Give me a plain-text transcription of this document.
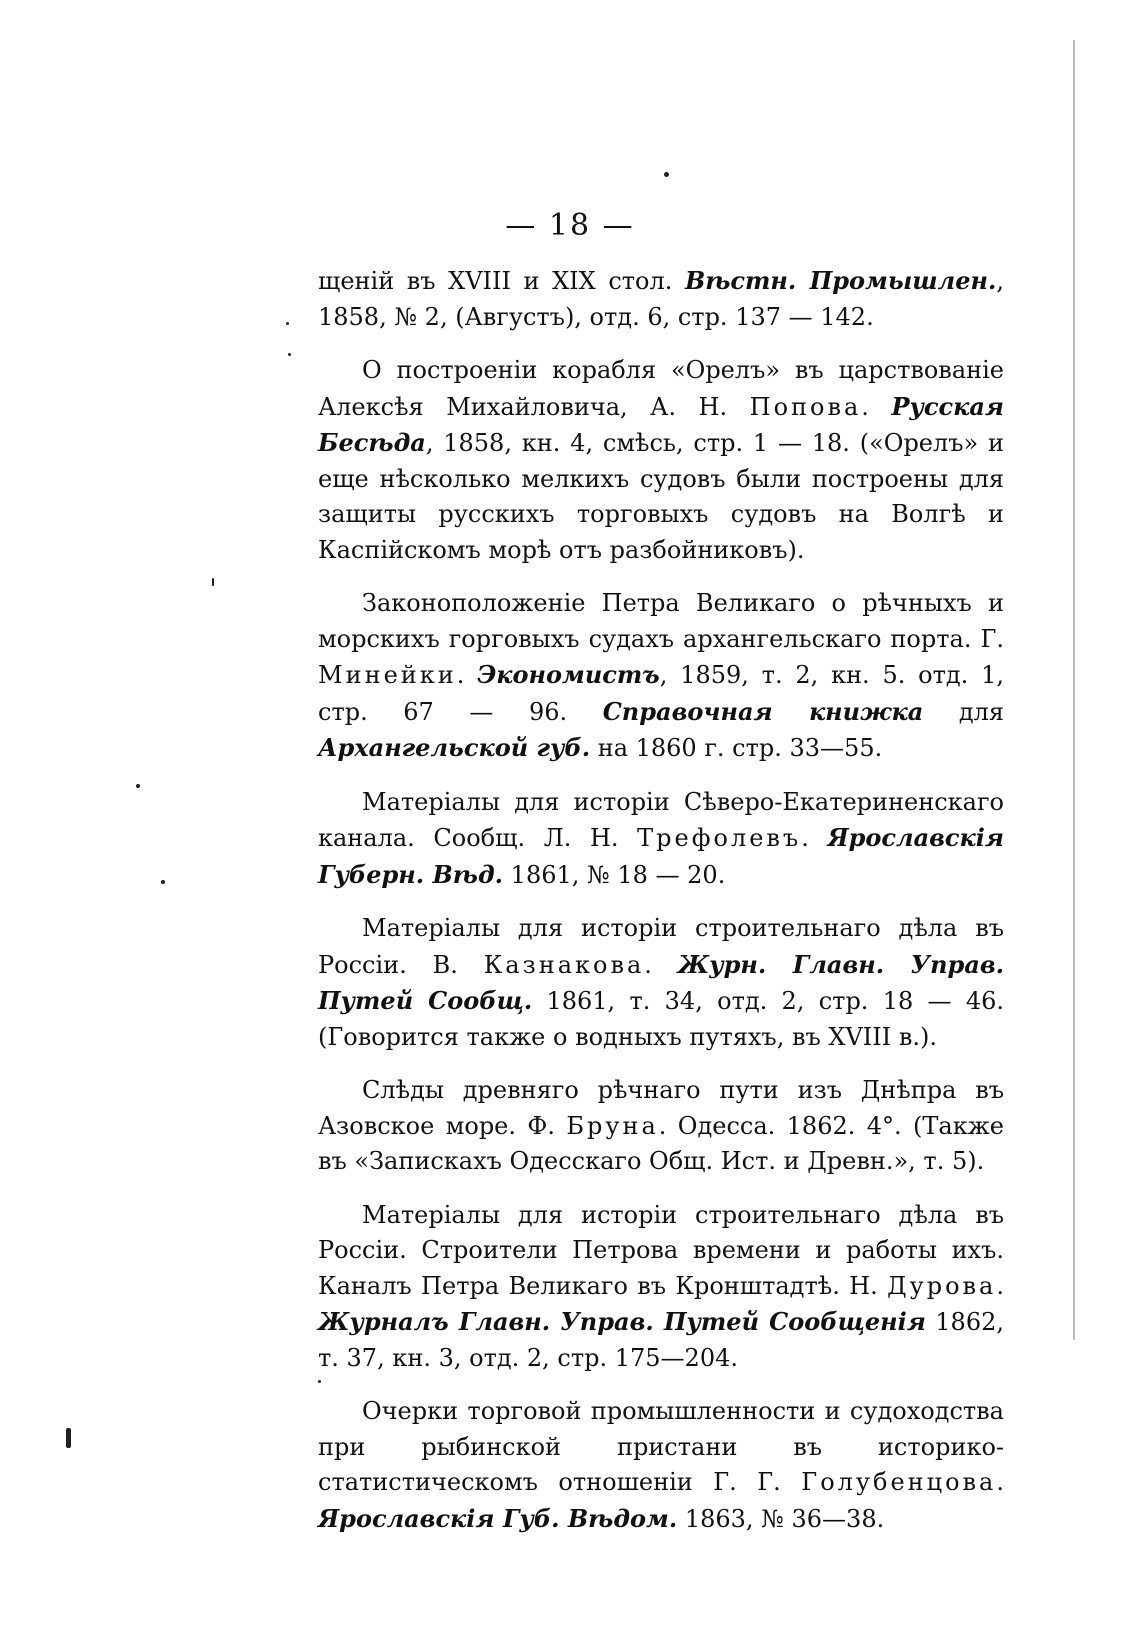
— 18 —

щеній въ XVIII и XIX стол. Вѣстн. Промышлен., 1858, № 2, (Августъ), отд. 6, стр. 137 — 142.

О построеніи корабля «Орелъ» въ царствованіе Алексѣя Михайловича, А. Н. Попова. Русская Бесѣда, 1858, кн. 4, смѣсь, стр. 1 — 18. («Орелъ» и еще нѣсколько мелкихъ судовъ были построены для защиты русскихъ торговыхъ судовъ на Волгѣ и Каспійскомъ морѣ отъ разбойниковъ).

Законоположеніе Петра Великаго о рѣчныхъ и морскихъ горговыхъ судахъ архангельскаго порта. Г. Минейки. Экономистъ, 1859, т. 2, кн. 5. отд. 1, стр. 67 — 96. Справочная книжка для Архангельской губ. на 1860 г. стр. 33—55.

Матеріалы для исторіи Сѣверо-Екатериненскаго канала. Сообщ. Л. Н. Трефолевъ. Ярославскія Губерн. Вѣд. 1861, № 18 — 20.

Матеріалы для исторіи строительнаго дѣла въ Россіи. В. Казнакова. Журн. Главн. Управ. Путей Сообщ. 1861, т. 34, отд. 2, стр. 18 — 46. (Говорится также о водныхъ путяхъ, въ XVIII в.).

Слѣды древняго рѣчнаго пути изъ Днѣпра въ Азовское море. Ф. Бруна. Одесса. 1862. 4°. (Также въ «Запискахъ Одесскаго Общ. Ист. и Древн.», т. 5).

Матеріалы для исторіи строительнаго дѣла въ Россіи. Строители Петрова времени и работы ихъ. Каналъ Петра Великаго въ Кронштадтѣ. Н. Дурова. Журналъ Главн. Управ. Путей Сообщенія 1862, т. 37, кн. 3, отд. 2, стр. 175—204.

Очерки торговой промышленности и судоходства при рыбинской пристани въ историко-статистическомъ отношеніи Г. Г. Голубенцова. Ярославскія Губ. Вѣдом. 1863, № 36—38.
